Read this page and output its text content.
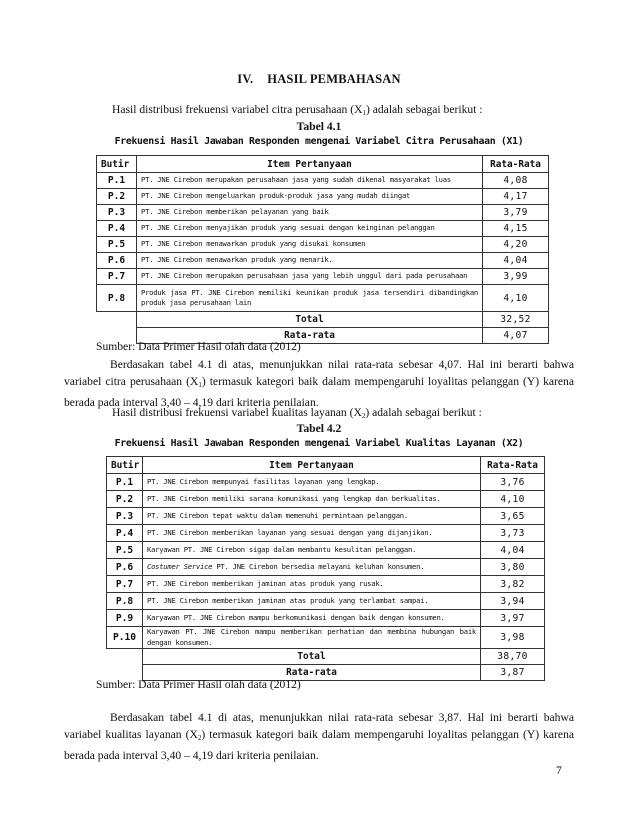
IV. HASIL PEMBAHASAN
Hasil distribusi frekuensi variabel citra perusahaan $(X_1)$ adalah sebagai berikut :
Tabel 4.1
Frekuensi Hasil Jawaban Responden mengenai Variabel Citra Perusahaan (X1)
Butir	Item Pertanyaan	Rata-Rata
P.1	PT. JNE Cirebon merupakan perusahaan jasa yang sudah dikenal masyarakat luas	4,08
P.2	PT. JNE Cirebon mengeluarkan produk-produk jasa yang mudah diingat	4,17
P.3	PT. JNE Cirebon memberikan pelayanan yang baik	3,79
P.4	PT. JNE Cirebon menyajikan produk yang sesuai dengan keinginan pelanggan	4,15
P.5	PT. JNE Cirebon menawarkan produk yang disukai konsumen	4,20
P.6	PT. JNE Cirebon menawarkan produk yang menarik.	4,04
P.7	PT. JNE Cirebon merupakan perusahaan jasa yang lebih unggul dari pada perusahaan	3,99
P.8	Produk jasa PT. JNE Cirebon memiliki keunikan produk jasa tersendiri dibandingkan produk jasa perusahaan lain	4,10
	Total	32,52
	Rata-rata	4,07
Sumber: Data Primer Hasil olah data (2012)
Berdasakan tabel 4.1 di atas, menunjukkan nilai rata-rata sebesar 4,07. Hal ini berarti bahwa variabel citra perusahaan $(X_1)$ termasuk kategori baik dalam mempengaruhi loyalitas pelanggan (Y) karena berada pada interval 3,40 – 4,19 dari kriteria penilaian.
Hasil distribusi frekuensi variabel kualitas layanan $(X_2)$ adalah sebagai berikut :
Tabel 4.2
Frekuensi Hasil Jawaban Responden mengenai Variabel Kualitas Layanan (X2)
Butir	Item Pertanyaan	Rata-Rata
P.1	PT. JNE Cirebon mempunyai fasilitas layanan yang lengkap.	3,76
P.2	PT. JNE Cirebon memiliki sarana komunikasi yang lengkap dan berkualitas.	4,10
P.3	PT. JNE Cirebon tepat waktu dalam memenuhi permintaan pelanggan.	3,65
P.4	PT. JNE Cirebon memberikan layanan yang sesuai dengan yang dijanjikan.	3,73
P.5	Karyawan PT. JNE Cirebon sigap dalam membantu kesulitan pelanggan.	4,04
P.6	Costumer Service PT. JNE Cirebon bersedia melayani keluhan konsumen.	3,80
P.7	PT. JNE Cirebon memberikan jaminan atas produk yang rusak.	3,82
P.8	PT. JNE Cirebon memberikan jaminan atas produk yang terlambat sampai.	3,94
P.9	Karyawan PT. JNE Cirebon mampu berkomunikasi dengan baik dengan konsumen.	3,97
P.10	Karyawan PT. JNE Cirebon mampu memberikan perhatian dan membina hubungan baik dengan konsumen.	3,98
	Total	38,70
	Rata-rata	3,87
Sumber: Data Primer Hasil olah data (2012)
Berdasakan tabel 4.1 di atas, menunjukkan nilai rata-rata sebesar 3,87. Hal ini berarti bahwa variabel kualitas layanan $(X_2)$ termasuk kategori baik dalam mempengaruhi loyalitas pelanggan (Y) karena berada pada interval 3,40 – 4,19 dari kriteria penilaian.
7
